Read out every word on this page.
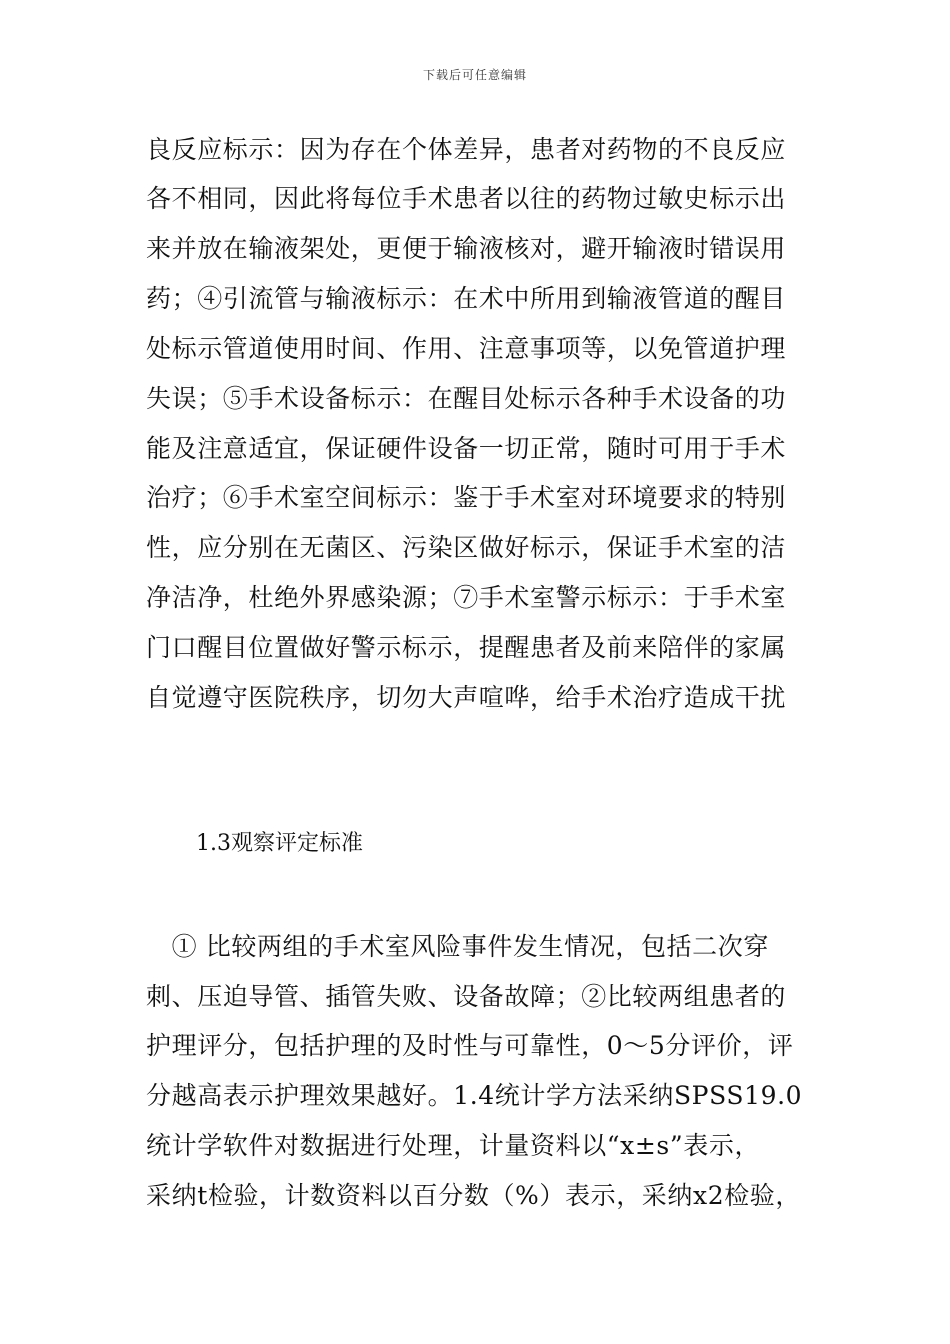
下载后可任意编辑
良反应标示：因为存在个体差异，患者对药物的不良反应
各不相同，因此将每位手术患者以往的药物过敏史标示出
来并放在输液架处，更便于输液核对，避开输液时错误用
药；④引流管与输液标示：在术中所用到输液管道的醒目
处标示管道使用时间、作用、注意事项等，以免管道护理
失误；⑤手术设备标示：在醒目处标示各种手术设备的功
能及注意适宜，保证硬件设备一切正常，随时可用于手术
治疗；⑥手术室空间标示：鉴于手术室对环境要求的特别
性，应分别在无菌区、污染区做好标示，保证手术室的洁
净洁净，杜绝外界感染源；⑦手术室警示标示：于手术室
门口醒目位置做好警示标示，提醒患者及前来陪伴的家属
自觉遵守医院秩序，切勿大声喧哗，给手术治疗造成干扰
1.3观察评定标准
　① 比较两组的手术室风险事件发生情况，包括二次穿
刺、压迫导管、插管失败、设备故障；②比较两组患者的
护理评分，包括护理的及时性与可靠性，0～5分评价，评
分越高表示护理效果越好。1.4统计学方法采纳SPSS19.0
统计学软件对数据进行处理，计量资料以“x±s”表示，
采纳t检验，计数资料以百分数（%）表示，采纳x2检验，
